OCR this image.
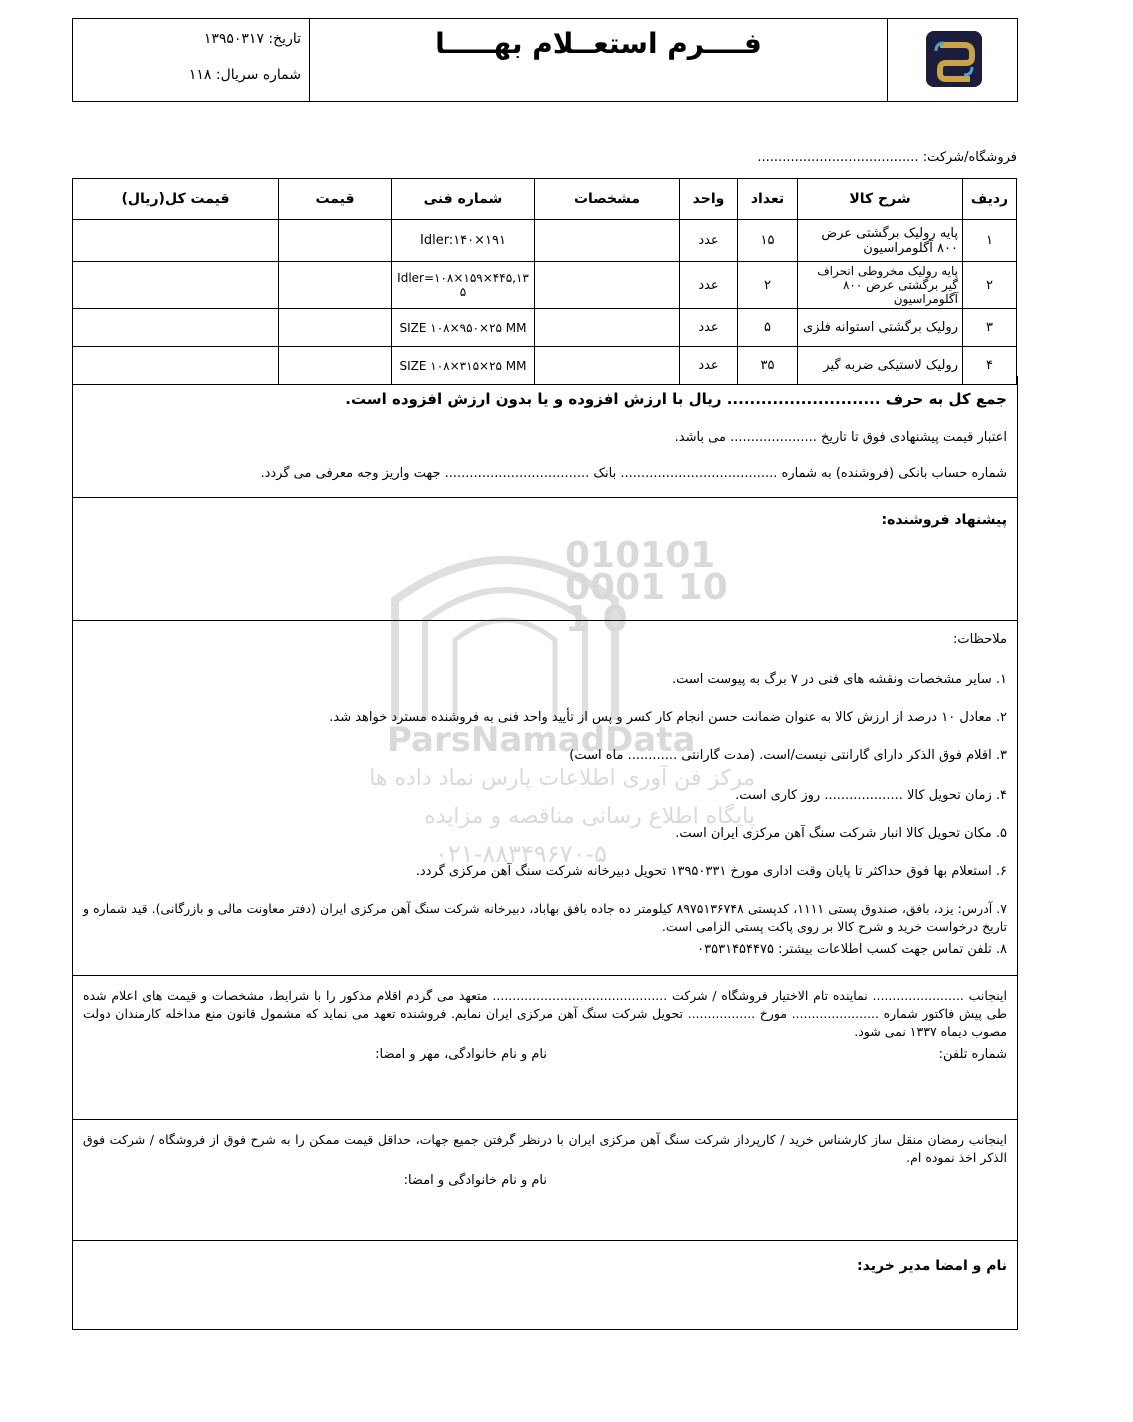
فــــرم استعــلام بهـــــا
تاریخ: ۱۳۹۵۰۳۱۷
شماره سریال: ۱۱۸
فروشگاه/شرکت: .......................................
ردیف	شرح کالا	تعداد	واحد	مشخصات	شماره فنی	قیمت	قیمت کل(ریال)
۱	پایه رولیک برگشتی عرض ۸۰۰ آگلومراسیون	۱۵	عدد		Idler:۱۴۰×۱۹۱		
۲	پایه رولیک مخروطی انحراف گیر برگشتی عرض ۸۰۰ آگلومراسیون	۲	عدد		Idler=۱۰۸×۱۵۹×۴۴۵,۱۳۵		
۳	رولیک برگشتی استوانه فلزی	۵	عدد		SIZE ۱۰۸×۹۵۰×۲۵ MM		
۴	رولیک لاستیکی ضربه گیر	۳۵	عدد		SIZE ۱۰۸×۳۱۵×۲۵ MM		
جمع کل به حرف ........................... ریال با ارزش افزوده و یا بدون ارزش افزوده است.
اعتبار قیمت پیشنهادی فوق تا تاریخ ..................... می باشد.
شماره حساب بانکی (فروشنده) به شماره ...................................... بانک ................................... جهت واریز وجه معرفی می گردد.
پیشنهاد فروشنده:
ملاحظات:
۱. سایر مشخصات ونقشه های فنی در ۷ برگ به پیوست است.
۲. معادل ۱۰ درصد از ارزش کالا به عنوان ضمانت حسن انجام کار کسر و پس از تأیید واحد فنی به فروشنده مسترد خواهد شد.
۳. اقلام فوق الذکر دارای گارانتی نیست/است. (مدت گارانتی ............ ماه است)
۴. زمان تحویل کالا ................... روز کاری است.
۵. مکان تحویل کالا انبار شرکت سنگ آهن مرکزی ایران است.
۶. استعلام بها فوق حداکثر تا پایان وقت اداری مورخ ۱۳۹۵۰۳۳۱ تحویل دبیرخانه شرکت سنگ آهن مرکزی گردد.
۷. آدرس: یزد، بافق، صندوق پستی ۱۱۱۱، کدپستی ۸۹۷۵۱۳۶۷۴۸ کیلومتر ده جاده بافق بهاباد، دبیرخانه شرکت سنگ آهن مرکزی ایران (دفتر معاونت مالی و بازرگانی). قید شماره و تاریخ درخواست خرید و شرح کالا بر روی پاکت پستی الزامی است.
۸. تلفن تماس جهت کسب اطلاعات بیشتر: ۰۳۵۳۱۴۵۴۴۷۵
اینجانب ....................... نماینده تام الاختیار فروشگاه / شرکت ............................................ متعهد می گردم اقلام مذکور را با شرایط، مشخصات و قیمت های اعلام شده طی پیش فاکتور شماره ...................... مورخ ................. تحویل شرکت سنگ آهن مرکزی ایران نمایم. فروشنده تعهد می نماید که مشمول قانون منع مداخله کارمندان دولت مصوب دیماه ۱۳۳۷ نمی شود.
شماره تلفن:
نام و نام خانوادگی، مهر و امضا:
اینجانب رمضان منقل ساز کارشناس خرید / کارپرداز شرکت سنگ آهن مرکزی ایران با درنظر گرفتن جمیع جهات، حداقل قیمت ممکن را به شرح فوق از فروشگاه / شرکت فوق الذکر اخذ نموده ام.
نام و نام خانوادگی و امضا:
نام و امضا مدیر خرید:
010101 0001 10 1 0
ParsNamadData
مرکز فن آوری اطلاعات پارس نماد داده ها
پایگاه اطلاع رسانی مناقصه و مزایده
۰۲۱-۸۸۳۴۹۶۷۰-۵
